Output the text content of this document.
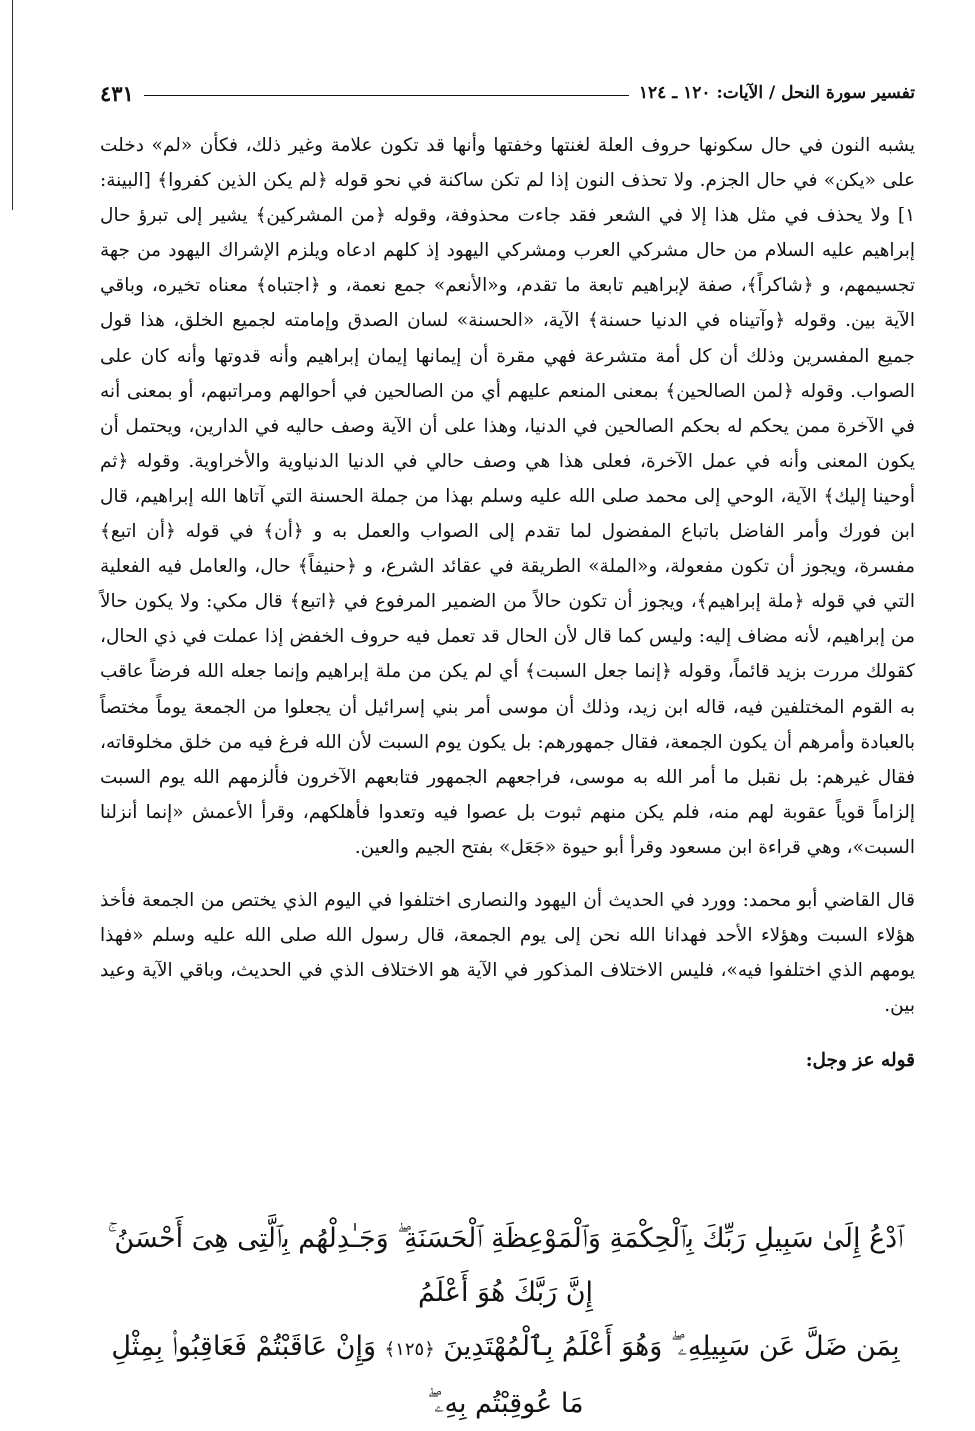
٤٣١	تفسير سورة النحل / الآيات: ١٢٠ ـ ١٢٤

يشبه النون في حال سكونها حروف العلة لغنتها وخفتها وأنها قد تكون علامة وغير ذلك، فكأن «لم» دخلت على «يكن» في حال الجزم. ولا تحذف النون إذا لم تكن ساكنة في نحو قوله ﴿لم يكن الذين كفروا﴾ [البينة: ١] ولا يحذف في مثل هذا إلا في الشعر فقد جاءت محذوفة، وقوله ﴿من المشركين﴾ يشير إلى تبرؤ حال إبراهيم عليه السلام من حال مشركي العرب ومشركي اليهود إذ كلهم ادعاه ويلزم الإشراك اليهود من جهة تجسيمهم، و ﴿شاكراً﴾، صفة لإبراهيم تابعة ما تقدم، و«الأنعم» جمع نعمة، و ﴿اجتباه﴾ معناه تخيره، وباقي الآية بين. وقوله ﴿وآتيناه في الدنيا حسنة﴾ الآية، «الحسنة» لسان الصدق وإمامته لجميع الخلق، هذا قول جميع المفسرين وذلك أن كل أمة متشرعة فهي مقرة أن إيمانها إيمان إبراهيم وأنه قدوتها وأنه كان على الصواب. وقوله ﴿لمن الصالحين﴾ بمعنى المنعم عليهم أي من الصالحين في أحوالهم ومراتبهم، أو بمعنى أنه في الآخرة ممن يحكم له بحكم الصالحين في الدنيا، وهذا على أن الآية وصف حاليه في الدارين، ويحتمل أن يكون المعنى وأنه في عمل الآخرة، فعلى هذا هي وصف حالي في الدنيا الدنياوية والأخراوية. وقوله ﴿ثم أوحينا إليك﴾ الآية، الوحي إلى محمد صلى الله عليه وسلم بهذا من جملة الحسنة التي آتاها الله إبراهيم، قال ابن فورك وأمر الفاضل باتباع المفضول لما تقدم إلى الصواب والعمل به و ﴿أن﴾ في قوله ﴿أن اتبع﴾ مفسرة، ويجوز أن تكون مفعولة، و«الملة» الطريقة في عقائد الشرع، و ﴿حنيفاً﴾ حال، والعامل فيه الفعلية التي في قوله ﴿ملة إبراهيم﴾، ويجوز أن تكون حالاً من الضمير المرفوع في ﴿اتبع﴾ قال مكي: ولا يكون حالاً من إبراهيم، لأنه مضاف إليه: وليس كما قال لأن الحال قد تعمل فيه حروف الخفض إذا عملت في ذي الحال، كقولك مررت بزيد قائماً، وقوله ﴿إنما جعل السبت﴾ أي لم يكن من ملة إبراهيم وإنما جعله الله فرضاً عاقب به القوم المختلفين فيه، قاله ابن زيد، وذلك أن موسى أمر بني إسرائيل أن يجعلوا من الجمعة يوماً مختصاً بالعبادة وأمرهم أن يكون الجمعة، فقال جمهورهم: بل يكون يوم السبت لأن الله فرغ فيه من خلق مخلوقاته، فقال غيرهم: بل نقبل ما أمر الله به موسى، فراجعهم الجمهور فتابعهم الآخرون فألزمهم الله يوم السبت إلزاماً قوياً عقوبة لهم منه، فلم يكن منهم ثبوت بل عصوا فيه وتعدوا فأهلكهم، وقرأ الأعمش «إنما أنزلنا السبت»، وهي قراءة ابن مسعود وقرأ أبو حيوة «جَعَل» بفتح الجيم والعين.

قال القاضي أبو محمد: وورد في الحديث أن اليهود والنصارى اختلفوا في اليوم الذي يختص من الجمعة فأخذ هؤلاء السبت وهؤلاء الأحد فهدانا الله نحن إلى يوم الجمعة، قال رسول الله صلى الله عليه وسلم «فهذا يومهم الذي اختلفوا فيه»، فليس الاختلاف المذكور في الآية هو الاختلاف الذي في الحديث، وباقي الآية وعيد بين.

قوله عز وجل:

ٱدْعُ إِلَىٰ سَبِيلِ رَبِّكَ بِٱلْحِكْمَةِ وَٱلْمَوْعِظَةِ ٱلْحَسَنَةِ ۖ وَجَـٰدِلْهُم بِٱلَّتِى هِىَ أَحْسَنُ ۚ إِنَّ رَبَّكَ هُوَ أَعْلَمُ
بِمَن ضَلَّ عَن سَبِيلِهِۦ ۖ وَهُوَ أَعْلَمُ بِٱلْمُهْتَدِينَ ﴿١٢٥﴾ وَإِنْ عَاقَبْتُمْ فَعَاقِبُوا۟ بِمِثْلِ مَا عُوقِبْتُم بِهِۦ ۖ
